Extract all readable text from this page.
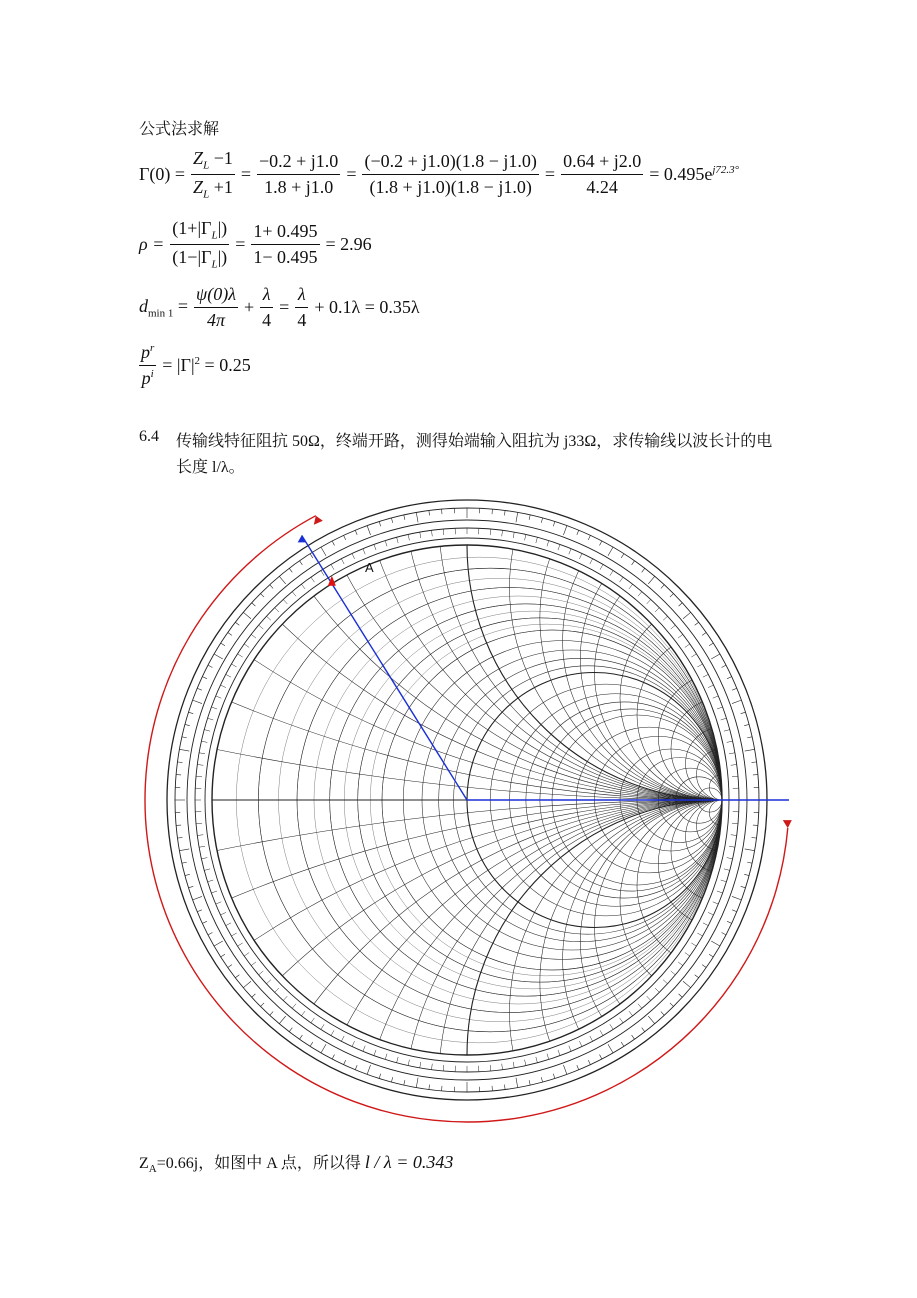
公式法求解
$\Gamma(0) = \frac{Z_L -1}{Z_L +1} = \frac{-0.2 + j1.0}{1.8 + j1.0} = \frac{(-0.2 + j1.0)(1.8 - j1.0)}{(1.8 + j1.0)(1.8 - j1.0)} = \frac{0.64 + j2.0}{4.24} = 0.495e^{j72.3^\circ}$
$\rho = \frac{(1+|\Gamma_L|)}{(1-|\Gamma_L|)} = \frac{1+ 0.495}{1- 0.495} = 2.96$
$d_{min 1} = \frac{\psi(0)\lambda}{4\pi} + \frac{\lambda}{4} = \frac{\lambda}{4} + 0.1\lambda = 0.35\lambda$
$\frac{p^r}{p^i} = |\Gamma|^2 = 0.25$
6.4 传输线特征阻抗 50Ω，终端开路，测得始端输入阻抗为 j33Ω，求传输线以波长计的电
长度 l/λ。
A
$Z_A=0.66j$，如图中 A 点，所以得 l / λ = 0.343
